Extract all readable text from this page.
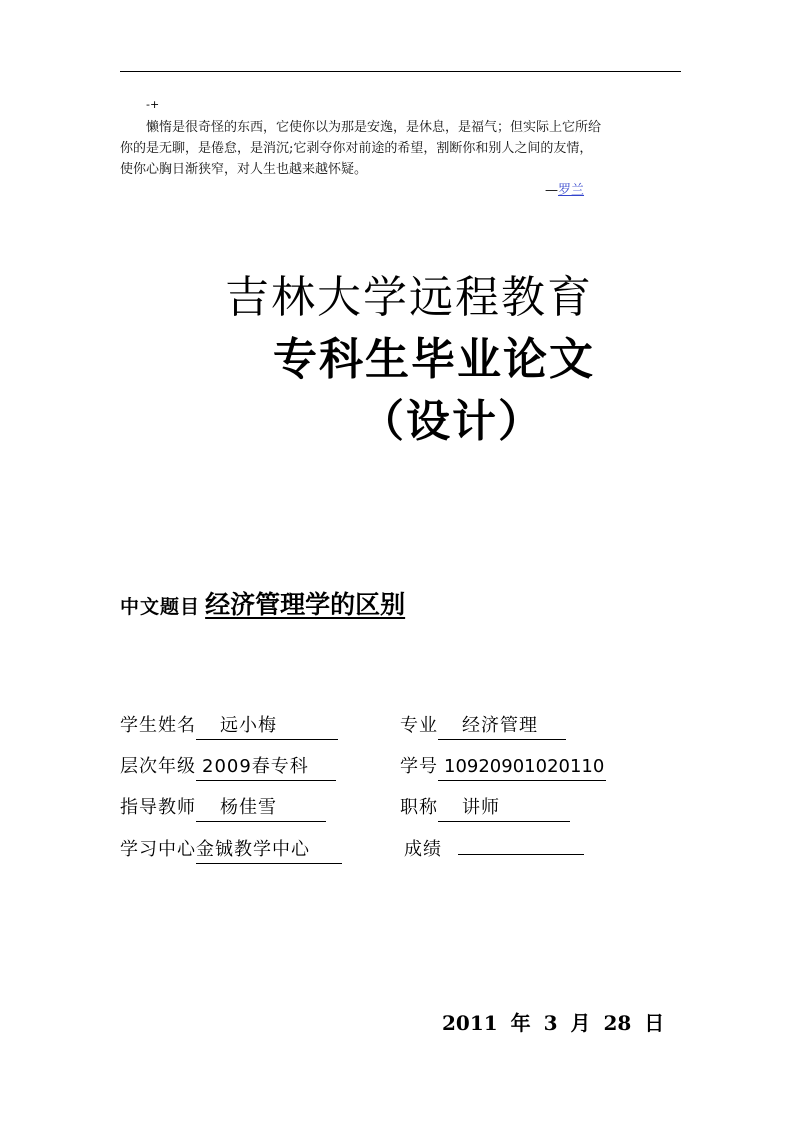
-+
懒惰是很奇怪的东西，它使你以为那是安逸，是休息，是福气；但实际上它所给
你的是无聊，是倦怠，是消沉;它剥夺你对前途的希望，割断你和别人之间的友情，
使你心胸日渐狭窄，对人生也越来越怀疑。
—罗兰
吉林大学远程教育
专科生毕业论文
（设计）
中文题目 经济管理学的区别
学生姓名 远小梅	专业 经济管理
层次年级 2009春专科	学号 10920901020110
指导教师 杨佳雪	职称 讲师
学习中心金铖教学中心	成绩
2011 年 3 月 28 日
